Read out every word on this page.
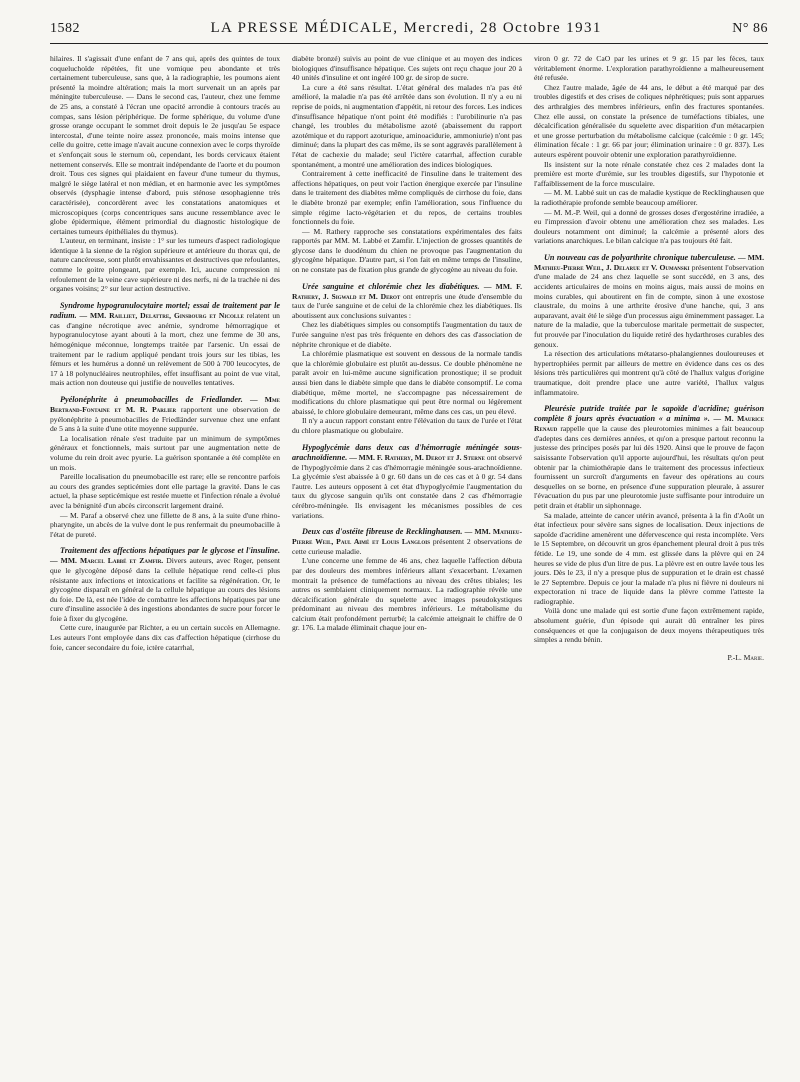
1582	LA PRESSE MÉDICALE, Mercredi, 28 Octobre 1931	N° 86

hilaires. Il s'agissait d'une enfant de 7 ans qui, après des quintes de toux coqueluchoïde répétées, fit une vomique peu abondante et très certainement tuberculeuse, sans que, à la radiographie, les poumons aient présenté la moindre altération; mais la mort survenait un an après par méningite tuberculeuse. — Dans le second cas, l'auteur, chez une femme de 25 ans, a constaté à l'écran une opacité arrondie à contours tracés au compas, sans lésion périphérique. De forme sphérique, du volume d'une grosse orange occupant le sommet droit depuis le 2e jusqu'au 5e espace intercostal, d'une teinte noire assez prononcée, mais moins intense que celle du goitre, cette image n'avait aucune connexion avec le corps thyroïde et s'enfonçait sous le sternum où, cependant, les bords cervicaux étaient nettement conservés. Elle se montrait indépendante de l'aorte et du poumon droit. Tous ces signes qui plaidaient en faveur d'une tumeur du thymus, malgré le siège latéral et non médian, et en harmonie avec les symptômes observés (dysphagie intense d'abord, puis sténose œsophagienne très caractérisée), concordèrent avec les constatations anatomiques et microscopiques (corps concentriques sans aucune ressemblance avec le globe épidermique, élément primordial du diagnostic histologique de certaines tumeurs épithéliales du thymus).

L'auteur, en terminant, insiste : 1° sur les tumeurs d'aspect radiologique identique à la sienne de la région supérieure et antérieure du thorax qui, de nature cancéreuse, sont plutôt envahissantes et destructives que refoulantes, comme le goitre plongeant, par exemple. Ici, aucune compression ni refoulement de la veine cave supérieure ni des nerfs, ni de la trachée ni des organes voisins; 2° sur leur action destructive.

Syndrome hypogranulocytaire mortel; essai de traitement par le radium. — MM. Railliet, Delattre, Ginsbourg et Nicolle relatent un cas d'angine nécrotique avec anémie, syndrome hémorragique et hypogranulocytose ayant abouti à la mort, chez une femme de 30 ans, hémogénique méconnue, longtemps traitée par l'arsenic. Un essai de traitement par le radium appliqué pendant trois jours sur les tibias, les fémurs et les humérus a donné un relèvement de 500 à 700 leucocytes, de 17 à 18 polynucléaires neutrophiles, effet insuffisant au point de vue vital, mais action non douteuse qui justifie de nouvelles tentatives.

Pyélonéphrite à pneumobacilles de Friedlander. — Mme Bertrand-Fontaine et M. R. Parlier rapportent une observation de pyélonéphrite à pneumobacilles de Friedländer survenue chez une enfant de 5 ans à la suite d'une otite moyenne suppurée.

La localisation rénale s'est traduite par un minimum de symptômes généraux et fonctionnels, mais surtout par une augmentation nette de volume du rein droit avec pyurie. La guérison spontanée a été complète en un mois.

Pareille localisation du pneumobacille est rare; elle se rencontre parfois au cours des grandes septicémies dont elle partage la gravité. Dans le cas actuel, la phase septicémique est restée muette et l'infection rénale a évolué avec la bénignité d'un abcès circonscrit largement drainé.

— M. Paraf a observé chez une fillette de 8 ans, à la suite d'une rhino-pharyngite, un abcès de la vulve dont le pus renfermait du pneumobacille à l'état de pureté.

Traitement des affections hépatiques par le glycose et l'insuline. — MM. Marcel Labbé et Zamfir. Divers auteurs, avec Roger, pensent que le glycogène déposé dans la cellule hépatique rend celle-ci plus résistante aux infections et intoxications et facilite sa régénération. Or, le glycogène disparaît en général de la cellule hépatique au cours des lésions du foie. De là, est née l'idée de combattre les affections hépatiques par une cure d'insuline associée à des ingestions abondantes de sucre pour forcer le foie à fixer du glycogène.

Cette cure, inaugurée par Richter, a eu un certain succès en Allemagne. Les auteurs l'ont employée dans dix cas d'affection hépatique (cirrhose du foie, cancer secondaire du foie, ictère catarrhal,

diabète bronzé) suivis au point de vue clinique et au moyen des indices biologiques d'insuffisance hépatique. Ces sujets ont reçu chaque jour 20 à 40 unités d'insuline et ont ingéré 100 gr. de sirop de sucre.

La cure a été sans résultat. L'état général des malades n'a pas été amélioré, la maladie n'a pas été arrêtée dans son évolution. Il n'y a eu ni reprise de poids, ni augmentation d'appétit, ni retour des forces. Les indices d'insuffisance hépatique n'ont point été modifiés : l'urobilinurie n'a pas changé, les troubles du métabolisme azoté (abaissement du rapport azotémique et du rapport azoturique, aminoacidurie, ammoniurie) n'ont pas diminué; dans la plupart des cas même, ils se sont aggravés parallèlement à l'état de cachexie du malade; seul l'ictère catarrhal, affection curable spontanément, a montré une amélioration des indices biologiques.

Contrairement à cette inefficacité de l'insuline dans le traitement des affections hépatiques, on peut voir l'action énergique exercée par l'insuline dans le traitement des diabètes même compliqués de cirrhose du foie, dans le diabète bronzé par exemple; enfin l'amélioration, sous l'influence du simple régime lacto-végétarien et du repos, de certains troubles fonctionnels du foie.

— M. Rathery rapproche ses constatations expérimentales des faits rapportés par MM. M. Labbé et Zamfir. L'injection de grosses quantités de glycose dans le duodénum du chien ne provoque pas l'augmentation du glycogène hépatique. D'autre part, si l'on fait en même temps de l'insuline, on ne constate pas de fixation plus grande de glycogène au niveau du foie.

Urée sanguine et chlorémie chez les diabétiques. — MM. F. Rathery, J. Sigwald et M. Derot ont entrepris une étude d'ensemble du taux de l'urée sanguine et de celui de la chlorémie chez les diabétiques. Ils aboutissent aux conclusions suivantes :

Chez les diabétiques simples ou consomptifs l'augmentation du taux de l'urée sanguine n'est pas très fréquente en dehors des cas d'association de néphrite chronique et de diabète.

La chlorémie plasmatique est souvent en dessous de la normale tandis que la chlorémie globulaire est plutôt au-dessus. Ce double phénomène ne paraît avoir en lui-même aucune signification pronostique; il se produit aussi bien dans le diabète simple que dans le diabète consomptif. Le coma diabétique, même mortel, ne s'accompagne pas nécessairement de modifications du chlore plasmatique qui peut être normal ou légèrement abaissé, le chlore globulaire demeurant, même dans ces cas, un peu élevé.

Il n'y a aucun rapport constant entre l'élévation du taux de l'urée et l'état du chlore plasmatique ou globulaire.

Hypoglycémie dans deux cas d'hémorragie méningée sous-arachnoïdienne. — MM. F. Rathery, M. Derot et J. Sterne ont observé de l'hypoglycémie dans 2 cas d'hémorragie méningée sous-arachnoïdienne. La glycémie s'est abaissée à 0 gr. 60 dans un de ces cas et à 0 gr. 54 dans l'autre. Les auteurs opposent à cet état d'hypoglycémie l'augmentation du taux du glycose sanguin qu'ils ont constatée dans 2 cas d'hémorragie cérébro-méningée. Ils envisagent les mécanismes possibles de ces variations.

Deux cas d'ostéite fibreuse de Recklinghausen. — MM. Mathieu-Pierre Weil, Paul Aimé et Louis Langlois présentent 2 observations de cette curieuse maladie.

L'une concerne une femme de 46 ans, chez laquelle l'affection débuta par des douleurs des membres inférieurs allant s'exacerbant. L'examen montrait la présence de tuméfactions au niveau des crêtes tibiales; les autres os semblaient cliniquement normaux. La radiographie révèle une décalcification générale du squelette avec images pseudokystiques prédominant au niveau des membres inférieurs. Le métabolisme du calcium était profondément perturbé; la calcémie atteignait le chiffre de 0 gr. 176. La malade éliminait chaque jour en-

viron 0 gr. 72 de CaO par les urines et 9 gr. 15 par les fèces, taux véritablement énorme. L'exploration parathyroïdienne a malheureusement été refusée.

Chez l'autre malade, âgée de 44 ans, le début a été marqué par des troubles digestifs et des crises de coliques néphrétiques; puis sont apparues des arthralgies des membres inférieurs, enfin des fractures spontanées. Chez elle aussi, on constate la présence de tuméfactions tibiales, une décalcification généralisée du squelette avec disparition d'un métacarpien et une grosse perturbation du métabolisme calcique (calcémie : 0 gr. 145; élimination fécale : 1 gr. 66 par jour; élimination urinaire : 0 gr. 837). Les auteurs espèrent pouvoir obtenir une exploration parathyroïdienne.

Ils insistent sur la note rénale constatée chez ces 2 malades dont la première est morte d'urémie, sur les troubles digestifs, sur l'hypotonie et l'affaiblissement de la force musculaire.

— M. M. Labbé suit un cas de maladie kystique de Recklinghausen que la radiothérapie profonde semble beaucoup améliorer.

— M. M.-P. Weil, qui a donné de grosses doses d'ergostérine irradiée, a eu l'impression d'avoir obtenu une amélioration chez ses malades. Les douleurs notamment ont diminué; la calcémie a présenté alors des variations anarchiques. Le bilan calcique n'a pas toujours été fait.

Un nouveau cas de polyarthrite chronique tuberculeuse. — MM. Mathieu-Pierre Weil, J. Delarue et V. Oumanski présentent l'observation d'une malade de 24 ans chez laquelle se sont succédé, en 3 ans, des accidents articulaires de moins en moins aigus, mais aussi de moins en moins curables, qui aboutirent en fin de compte, sinon à une exostose claustrale, du moins à une arthrite érosive d'une hanche, qui, 3 ans auparavant, avait été le siège d'un processus aigu éminemment passager. La nature de la maladie, que la tuberculose maritale permettait de suspecter, fut prouvée par l'inoculation du liquide retiré des hydarthroses curables des genoux.

La résection des articulations métatarso-phalangiennes douloureuses et hypertrophiées permit par ailleurs de mettre en évidence dans ces os des lésions très particulières qui montrent qu'à côté de l'hallux valgus d'origine traumatique, doit prendre place une autre variété, l'hallux valgus inflammatoire.

Pleurésie putride traitée par le sapoïde d'acridine; guérison complète 8 jours après évacuation « a minima ». — M. Maurice Renaud rappelle que la cause des pleurotomies minimes a fait beaucoup d'adeptes dans ces dernières années, et qu'on a presque partout reconnu la justesse des principes posés par lui dès 1920. Ainsi que le prouve de façon saisissante l'observation qu'il apporte aujourd'hui, les résultats qu'on peut obtenir par la chimiothérapie dans le traitement des processus infectieux fournissent un surcroît d'arguments en faveur des opérations au cours desquelles on se borne, en présence d'une suppuration pleurale, à assurer l'évacuation du pus par une pleurotomie juste suffisante pour introduire un petit drain et établir un siphonnage.

Sa malade, atteinte de cancer utérin avancé, présenta à la fin d'Août un état infectieux pour sévère sans signes de localisation. Deux injections de sapoïde d'acridine amenèrent une défervescence qui resta incomplète. Vers le 15 Septembre, on découvrit un gros épanchement pleural droit à pus très fétide. Le 19, une sonde de 4 mm. est glissée dans la plèvre qui en 24 heures se vide de plus d'un litre de pus. La plèvre est en outre lavée tous les jours. Dès le 23, il n'y a presque plus de suppuration et le drain est chassé le 27 Septembre. Depuis ce jour la malade n'a plus ni fièvre ni douleurs ni expectoration ni trace de liquide dans la plèvre comme l'atteste la radiographie.

Voilà donc une malade qui est sortie d'une façon extrêmement rapide, absolument guérie, d'un épisode qui aurait dû entraîner les pires conséquences et que la conjugaison de deux moyens thérapeutiques très simples a rendu bénin.

P.-L. Marie.
